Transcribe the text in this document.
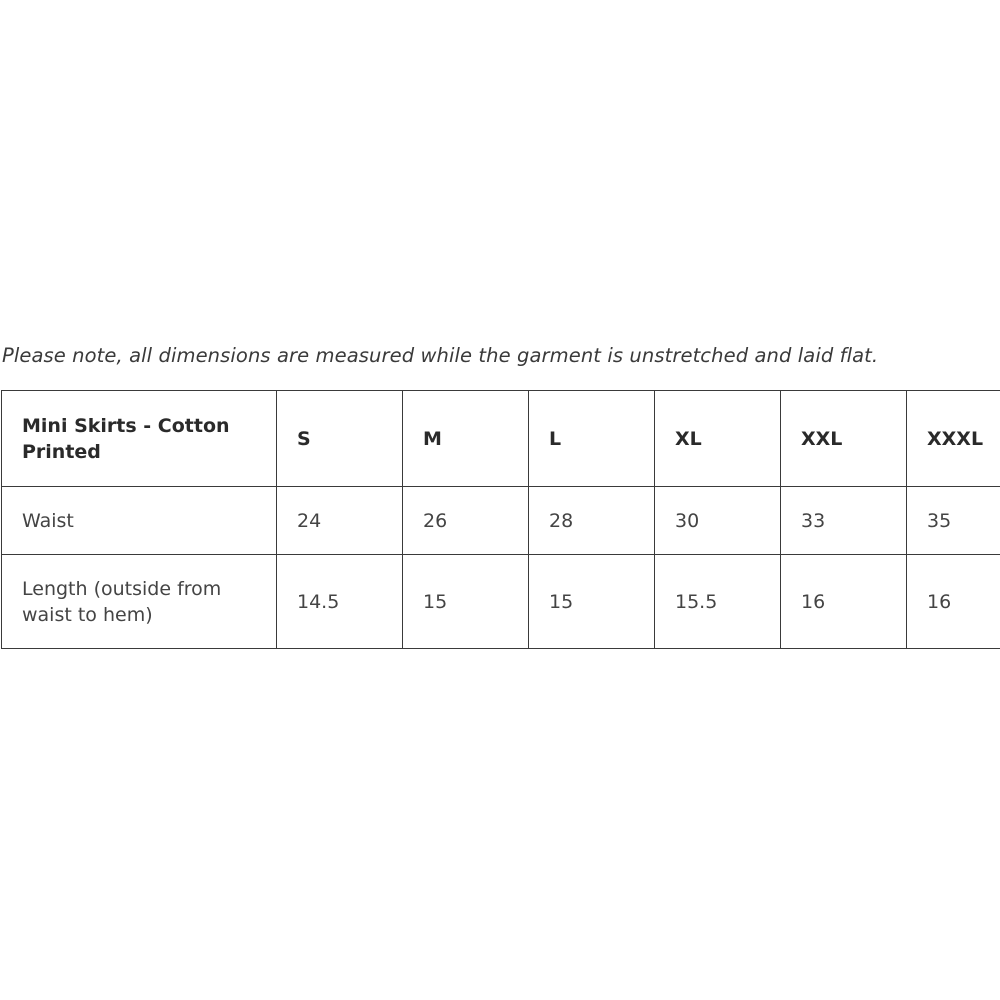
Please note, all dimensions are measured while the garment is unstretched and laid flat.
Mini Skirts - Cotton Printed	S	M	L	XL	XXL	XXXL
Waist	24	26	28	30	33	35
Length (outside from waist to hem)	14.5	15	15	15.5	16	16
